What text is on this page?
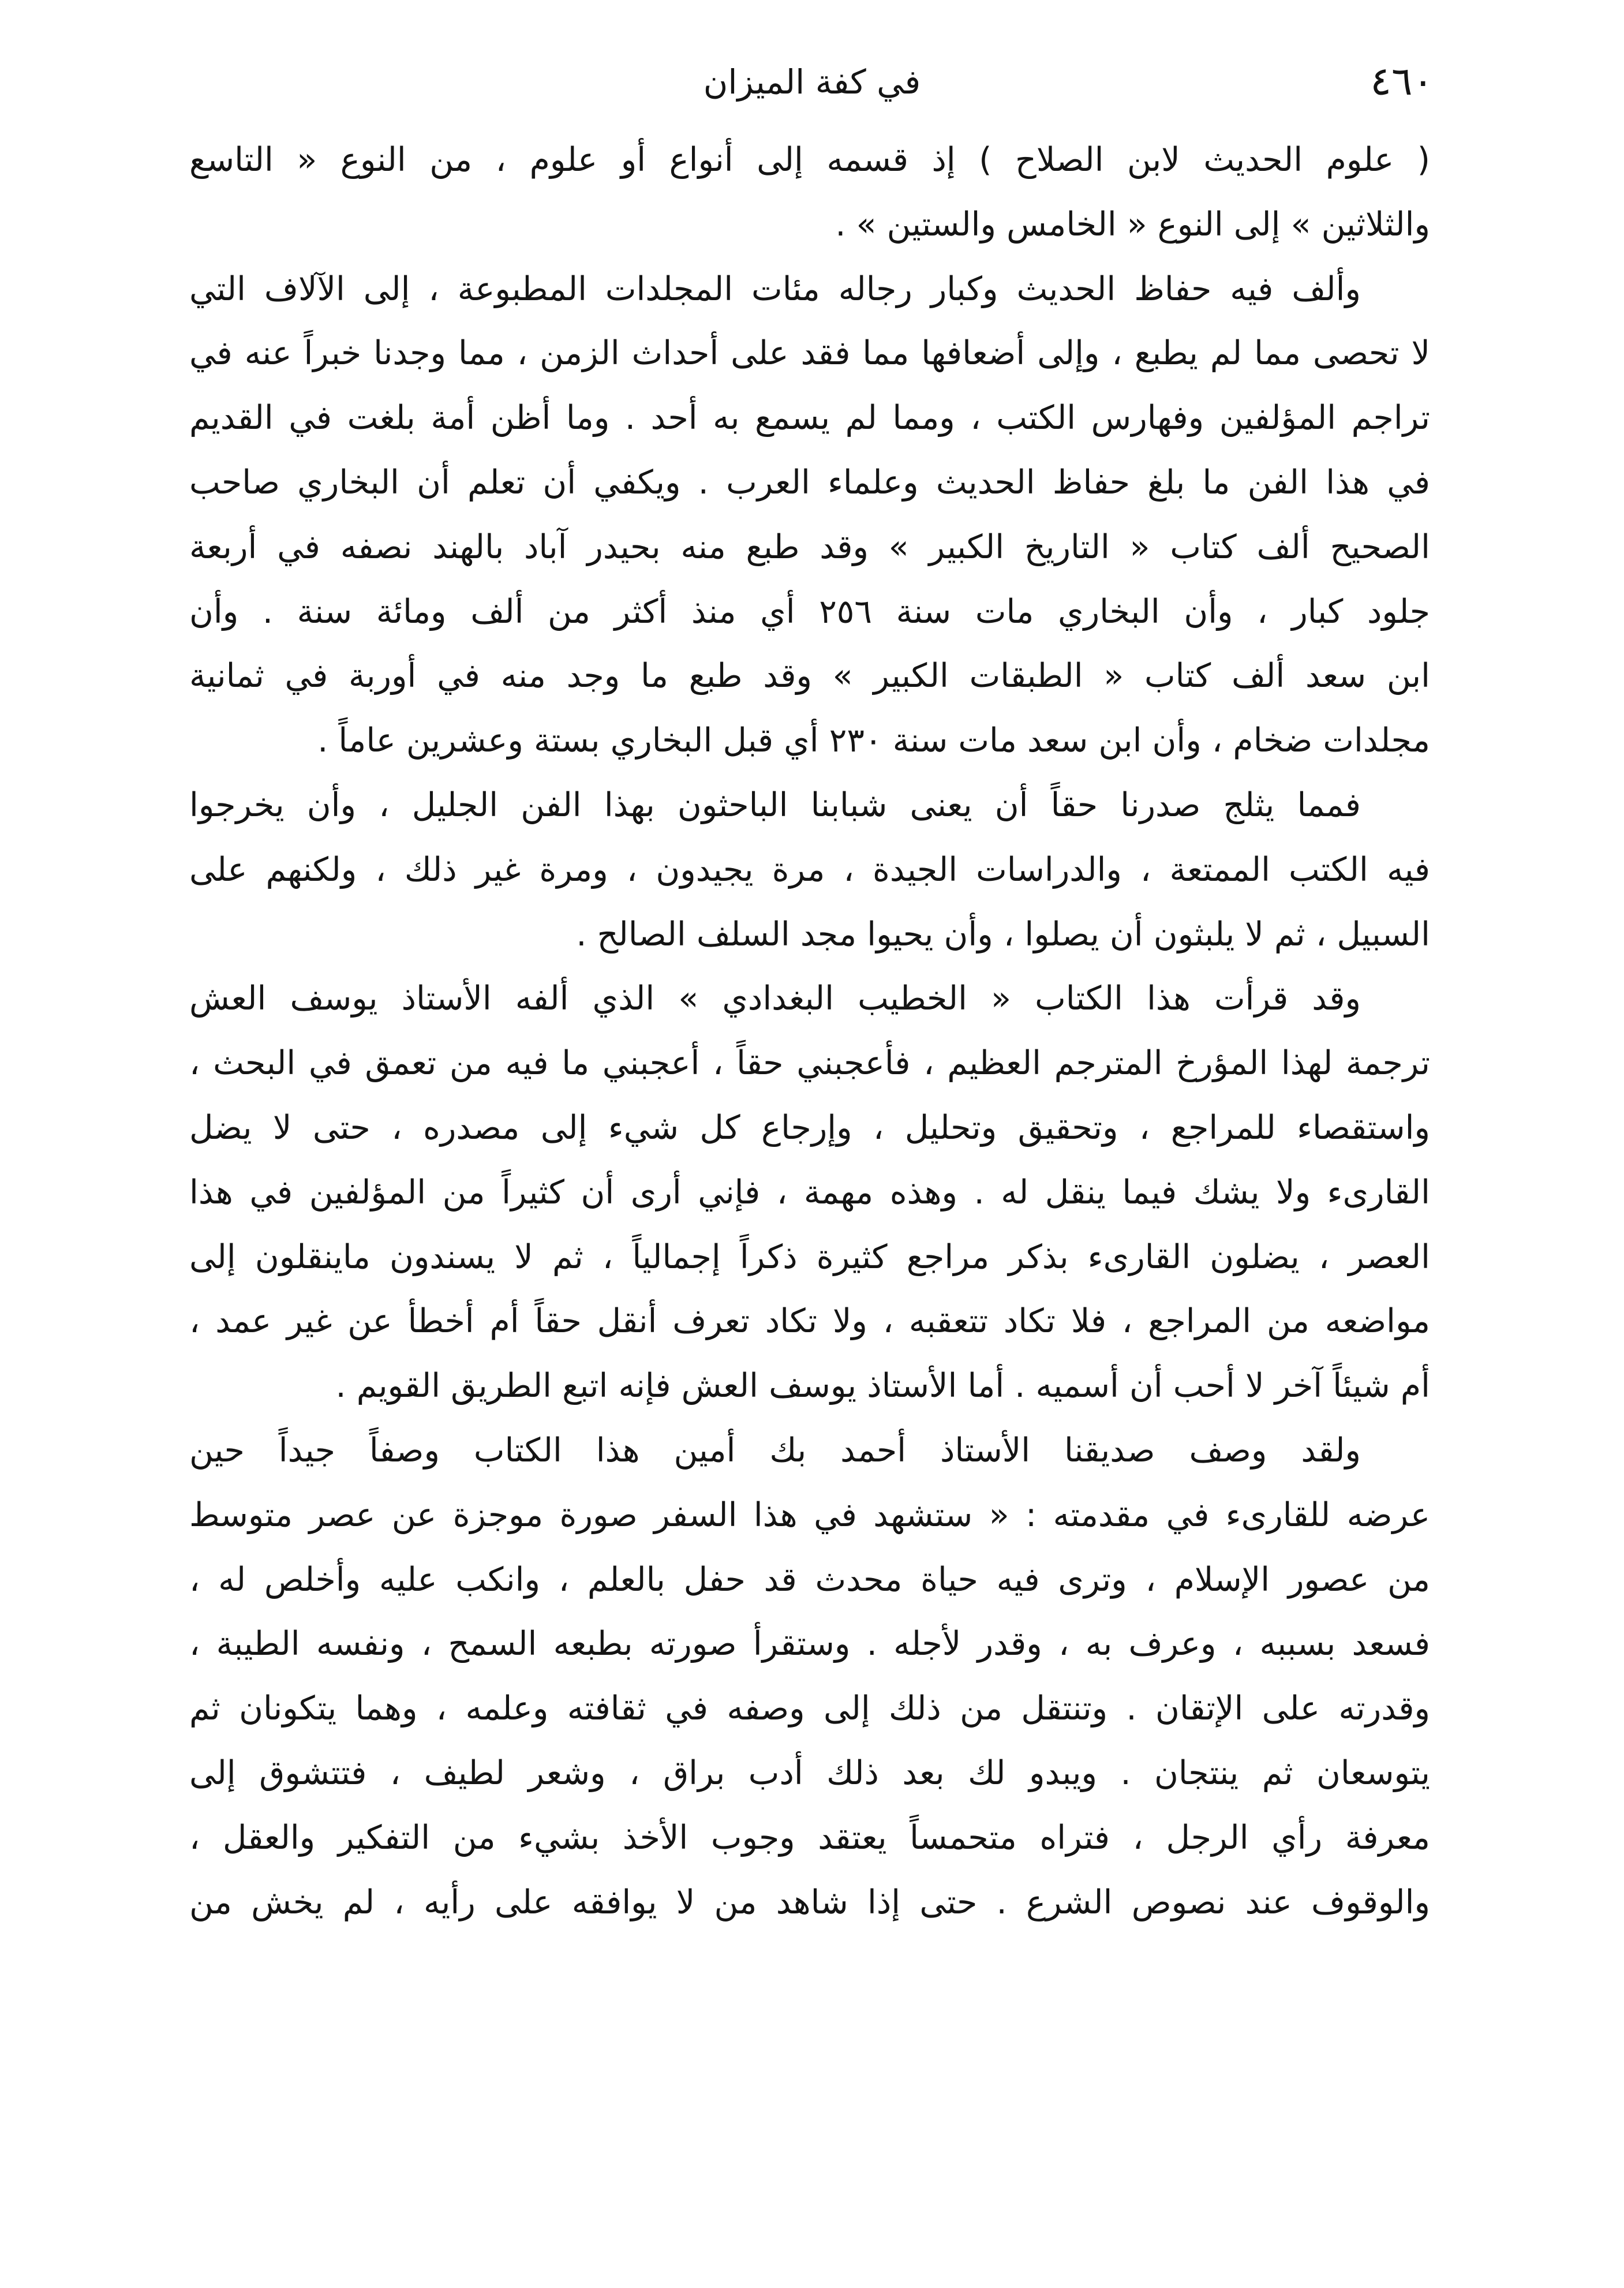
٤٦٠
في كفة الميزان
( علوم الحديث لابن الصلاح ) إذ قسمه إلى أنواع أو علوم ، من النوع « التاسع
والثلاثين » إلى النوع « الخامس والستين » .
وألف فيه حفاظ الحديث وكبار رجاله مئات المجلدات المطبوعة ، إلى الآلاف التي
لا تحصى مما لم يطبع ، وإلى أضعافها مما فقد على أحداث الزمن ، مما وجدنا خبراً عنه في
تراجم المؤلفين وفهارس الكتب ، ومما لم يسمع به أحد . وما أظن أمة بلغت في القديم
في هذا الفن ما بلغ حفاظ الحديث وعلماء العرب . ويكفي أن تعلم أن البخاري صاحب
الصحيح ألف كتاب « التاريخ الكبير » وقد طبع منه بحيدر آباد بالهند نصفه في أربعة
جلود كبار ، وأن البخاري مات سنة ٢٥٦ أي منذ أكثر من ألف ومائة سنة . وأن
ابن سعد ألف كتاب « الطبقات الكبير » وقد طبع ما وجد منه في أوربة في ثمانية
مجلدات ضخام ، وأن ابن سعد مات سنة ٢٣٠ أي قبل البخاري بستة وعشرين عاماً .
فمما يثلج صدرنا حقاً أن يعنى شبابنا الباحثون بهذا الفن الجليل ، وأن يخرجوا
فيه الكتب الممتعة ، والدراسات الجيدة ، مرة يجيدون ، ومرة غير ذلك ، ولكنهم على
السبيل ، ثم لا يلبثون أن يصلوا ، وأن يحيوا مجد السلف الصالح .
وقد قرأت هذا الكتاب « الخطيب البغدادي » الذي ألفه الأستاذ يوسف العش
ترجمة لهذا المؤرخ المترجم العظيم ، فأعجبني حقاً ، أعجبني ما فيه من تعمق في البحث ،
واستقصاء للمراجع ، وتحقيق وتحليل ، وإرجاع كل شيء إلى مصدره ، حتى لا يضل
القارىء ولا يشك فيما ينقل له . وهذه مهمة ، فإني أرى أن كثيراً من المؤلفين في هذا
العصر ، يضلون القارىء بذكر مراجع كثيرة ذكراً إجمالياً ، ثم لا يسندون ماينقلون إلى
مواضعه من المراجع ، فلا تكاد تتعقبه ، ولا تكاد تعرف أنقل حقاً أم أخطأ عن غير عمد ،
أم شيئاً آخر لا أحب أن أسميه . أما الأستاذ يوسف العش فإنه اتبع الطريق القويم .
ولقد وصف صديقنا الأستاذ أحمد بك أمين هذا الكتاب وصفاً جيداً حين
عرضه للقارىء في مقدمته : « ستشهد في هذا السفر صورة موجزة عن عصر متوسط
من عصور الإسلام ، وترى فيه حياة محدث قد حفل بالعلم ، وانكب عليه وأخلص له ،
فسعد بسببه ، وعرف به ، وقدر لأجله . وستقرأ صورته بطبعه السمح ، ونفسه الطيبة ،
وقدرته على الإتقان . وتنتقل من ذلك إلى وصفه في ثقافته وعلمه ، وهما يتكونان ثم
يتوسعان ثم ينتجان . ويبدو لك بعد ذلك أدب براق ، وشعر لطيف ، فتتشوق إلى
معرفة رأي الرجل ، فتراه متحمساً يعتقد وجوب الأخذ بشيء من التفكير والعقل ،
والوقوف عند نصوص الشرع . حتى إذا شاهد من لا يوافقه على رأيه ، لم يخش من
